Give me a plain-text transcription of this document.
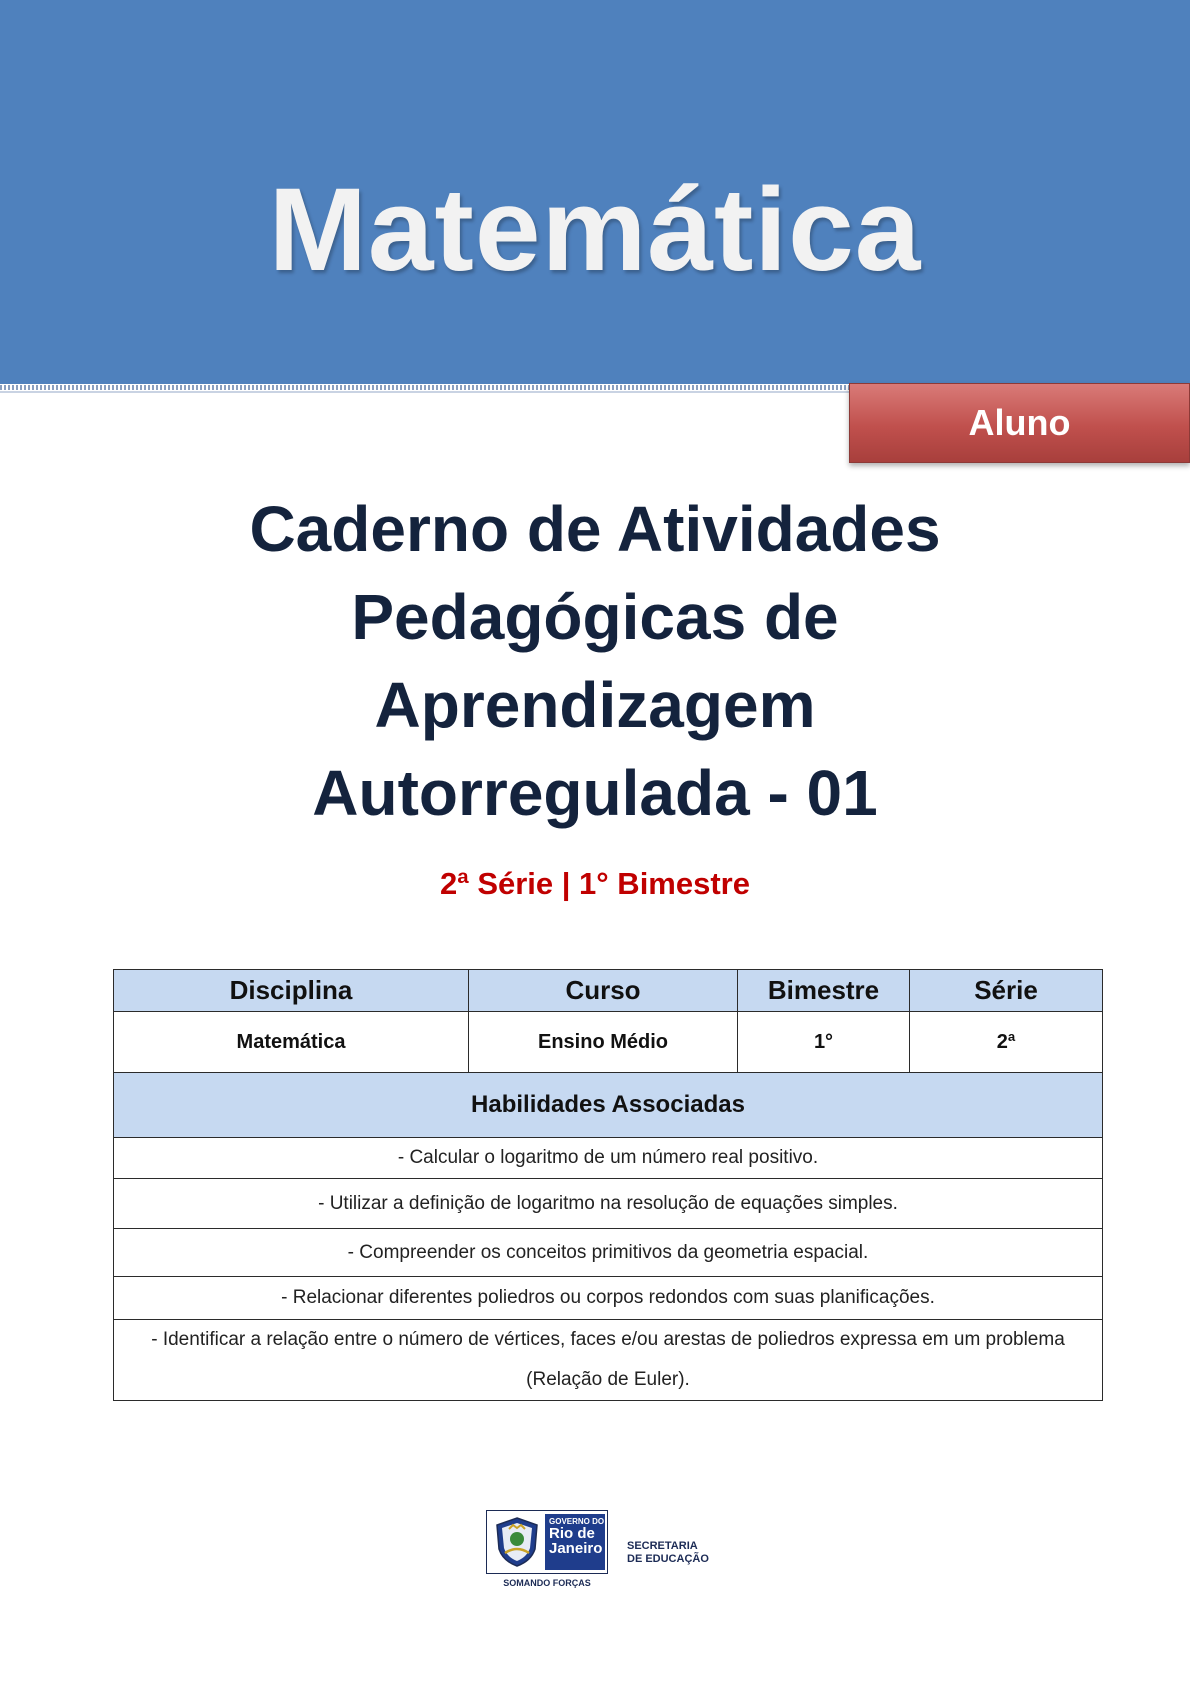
Matemática
Aluno
Caderno de Atividades
Pedagógicas de
Aprendizagem
Autorregulada - 01
2ª Série | 1° Bimestre
Disciplina	Curso	Bimestre	Série
Matemática	Ensino Médio	1°	2ª
Habilidades Associadas			
- Calcular o logaritmo de um número real positivo.			
- Utilizar a definição de logaritmo na resolução de equações simples.			
- Compreender os conceitos primitivos da geometria espacial.			
- Relacionar diferentes poliedros ou corpos redondos com suas planificações.			
- Identificar a relação entre o número de vértices, faces e/ou arestas de poliedros expressa em um problema (Relação de Euler).			
GOVERNO DO
Rio de
Janeiro
SOMANDO FORÇAS
SECRETARIA
DE EDUCAÇÃO
